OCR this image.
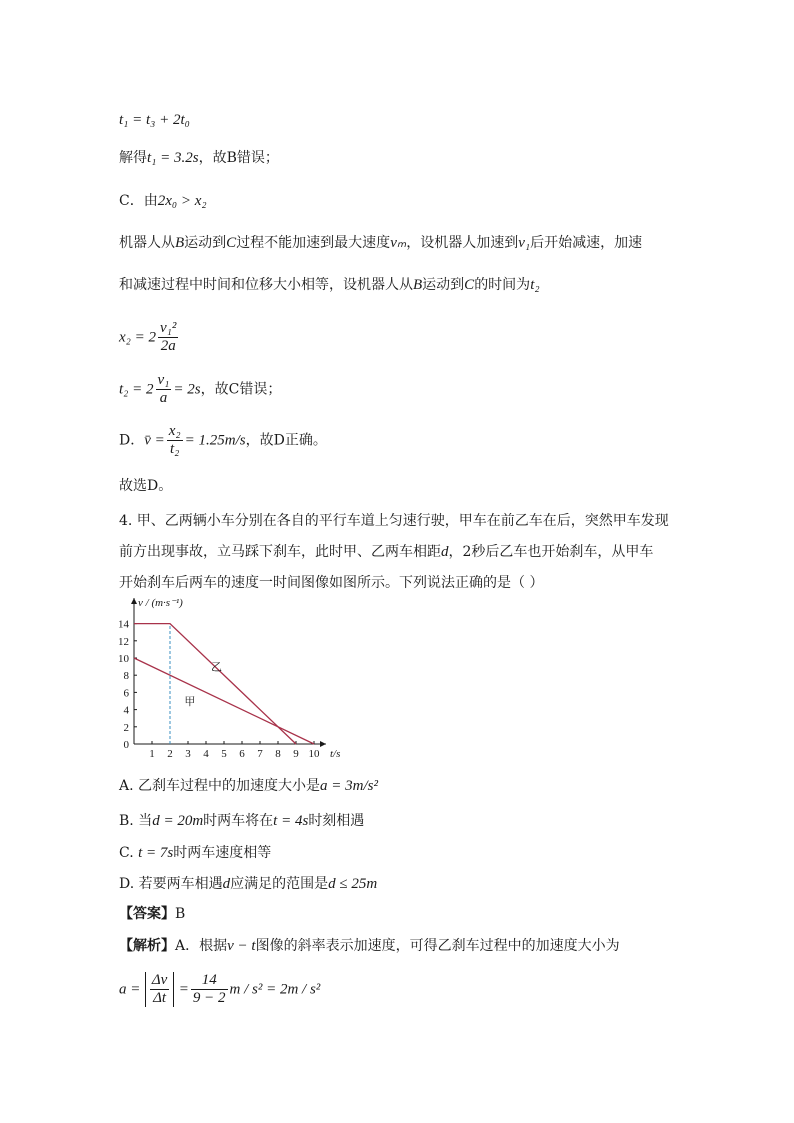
t₁ = t₃ + 2t₀
解得t₁ = 3.2s，故B错误；
C．由2x₀ > x₂
机器人从B运动到C过程不能加速到最大速度vₘ，设机器人加速到v₁后开始减速，加速
和减速过程中时间和位移大小相等，设机器人从B运动到C的时间为t₂
$x_2 = 2 \frac{\text{v₁²}}{2a}$
$t_2 = 2 \frac{\text{v₁}}{a} = 2s$，故C错误；
D．v̄ = $\frac{\text{x₂}}{\text{t₂}} = 1.25m/s$，故D正确。
故选D。
4. 甲、乙两辆小车分别在各自的平行车道上匀速行驶，甲车在前乙车在后，突然甲车发现
前方出现事故，立马踩下刹车，此时甲、乙两车相距d，2秒后乙车也开始刹车，从甲车
开始刹车后两车的速度一时间图像如图所示。下列说法正确的是（ ）
1 2 3 4 5 6 7 8 9 10
0
2
4
6
8
10
12
14
v / (m·s⁻¹)
t/s
乙
甲
A. 乙刹车过程中的加速度大小是a = 3m/s²
B. 当d = 20m时两车将在t = 4s时刻相遇
C. t = 7s时两车速度相等
D. 若要两车相遇d应满足的范围是d ≤ 25m
【答案】B
【解析】A．根据v − t图像的斜率表示加速度，可得乙刹车过程中的加速度大小为
$a = \frac{\Delta v}{\Delta t} = \frac{14}{9 - 2}$ m / s² = 2m / s²
